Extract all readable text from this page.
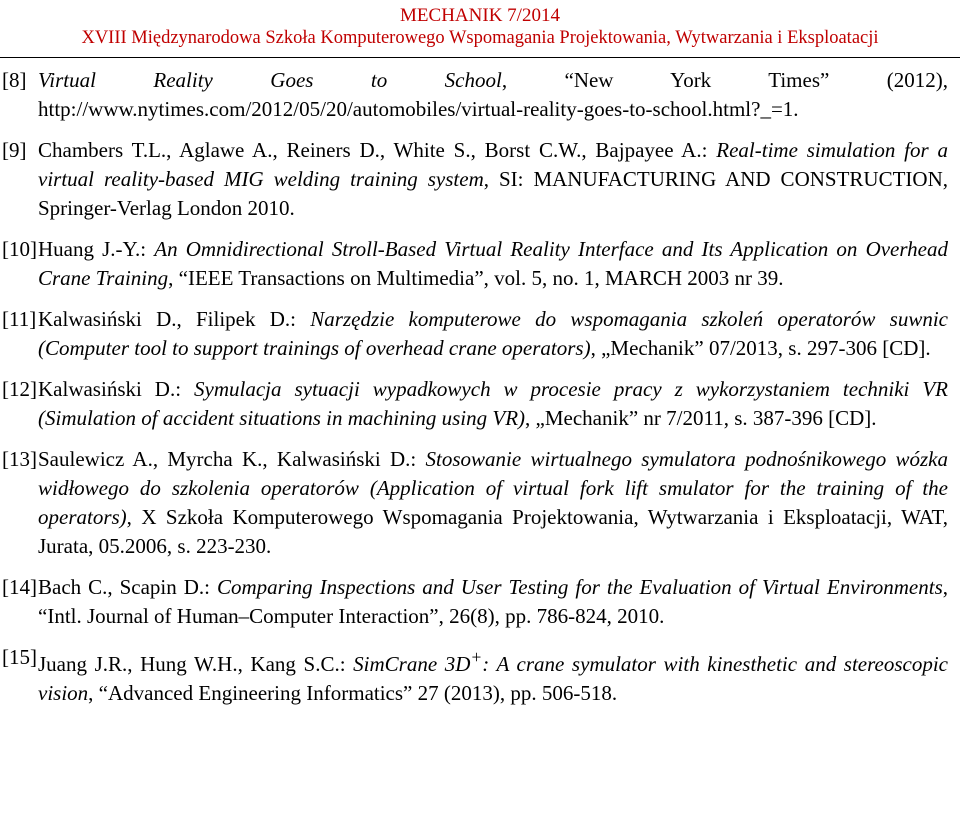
MECHANIK 7/2014
XVIII Międzynarodowa Szkoła Komputerowego Wspomagania Projektowania, Wytwarzania i Eksploatacji
[8] Virtual Reality Goes to School, “New York Times” (2012), http://www.nytimes.com/2012/05/20/automobiles/virtual-reality-goes-to-school.html?_=1.
[9] Chambers T.L., Aglawe A., Reiners D., White S., Borst C.W., Bajpayee A.: Real-time simulation for a virtual reality-based MIG welding training system, SI: MANUFACTURING AND CONSTRUCTION, Springer-Verlag London 2010.
[10] Huang J.-Y.: An Omnidirectional Stroll-Based Virtual Reality Interface and Its Application on Overhead Crane Training, “IEEE Transactions on Multimedia”, vol. 5, no. 1, MARCH 2003 nr 39.
[11] Kalwasiński D., Filipek D.: Narzędzie komputerowe do wspomagania szkoleń operatorów suwnic (Computer tool to support trainings of overhead crane operators), „Mechanik” 07/2013, s. 297-306 [CD].
[12] Kalwasiński D.: Symulacja sytuacji wypadkowych w procesie pracy z wykorzystaniem techniki VR (Simulation of accident situations in machining using VR), „Mechanik” nr 7/2011, s. 387-396 [CD].
[13] Saulewicz A., Myrcha K., Kalwasiński D.: Stosowanie wirtualnego symulatora podnośnikowego wózka widłowego do szkolenia operatorów (Application of virtual fork lift smulator for the training of the operators), X Szkoła Komputerowego Wspomagania Projektowania, Wytwarzania i Eksploatacji, WAT, Jurata, 05.2006, s. 223-230.
[14] Bach C., Scapin D.: Comparing Inspections and User Testing for the Evaluation of Virtual Environments, “Intl. Journal of Human–Computer Interaction”, 26(8), pp. 786-824, 2010.
[15] Juang J.R., Hung W.H., Kang S.C.: SimCrane 3D+: A crane symulator with kinesthetic and stereoscopic vision, “Advanced Engineering Informatics” 27 (2013), pp. 506-518.
